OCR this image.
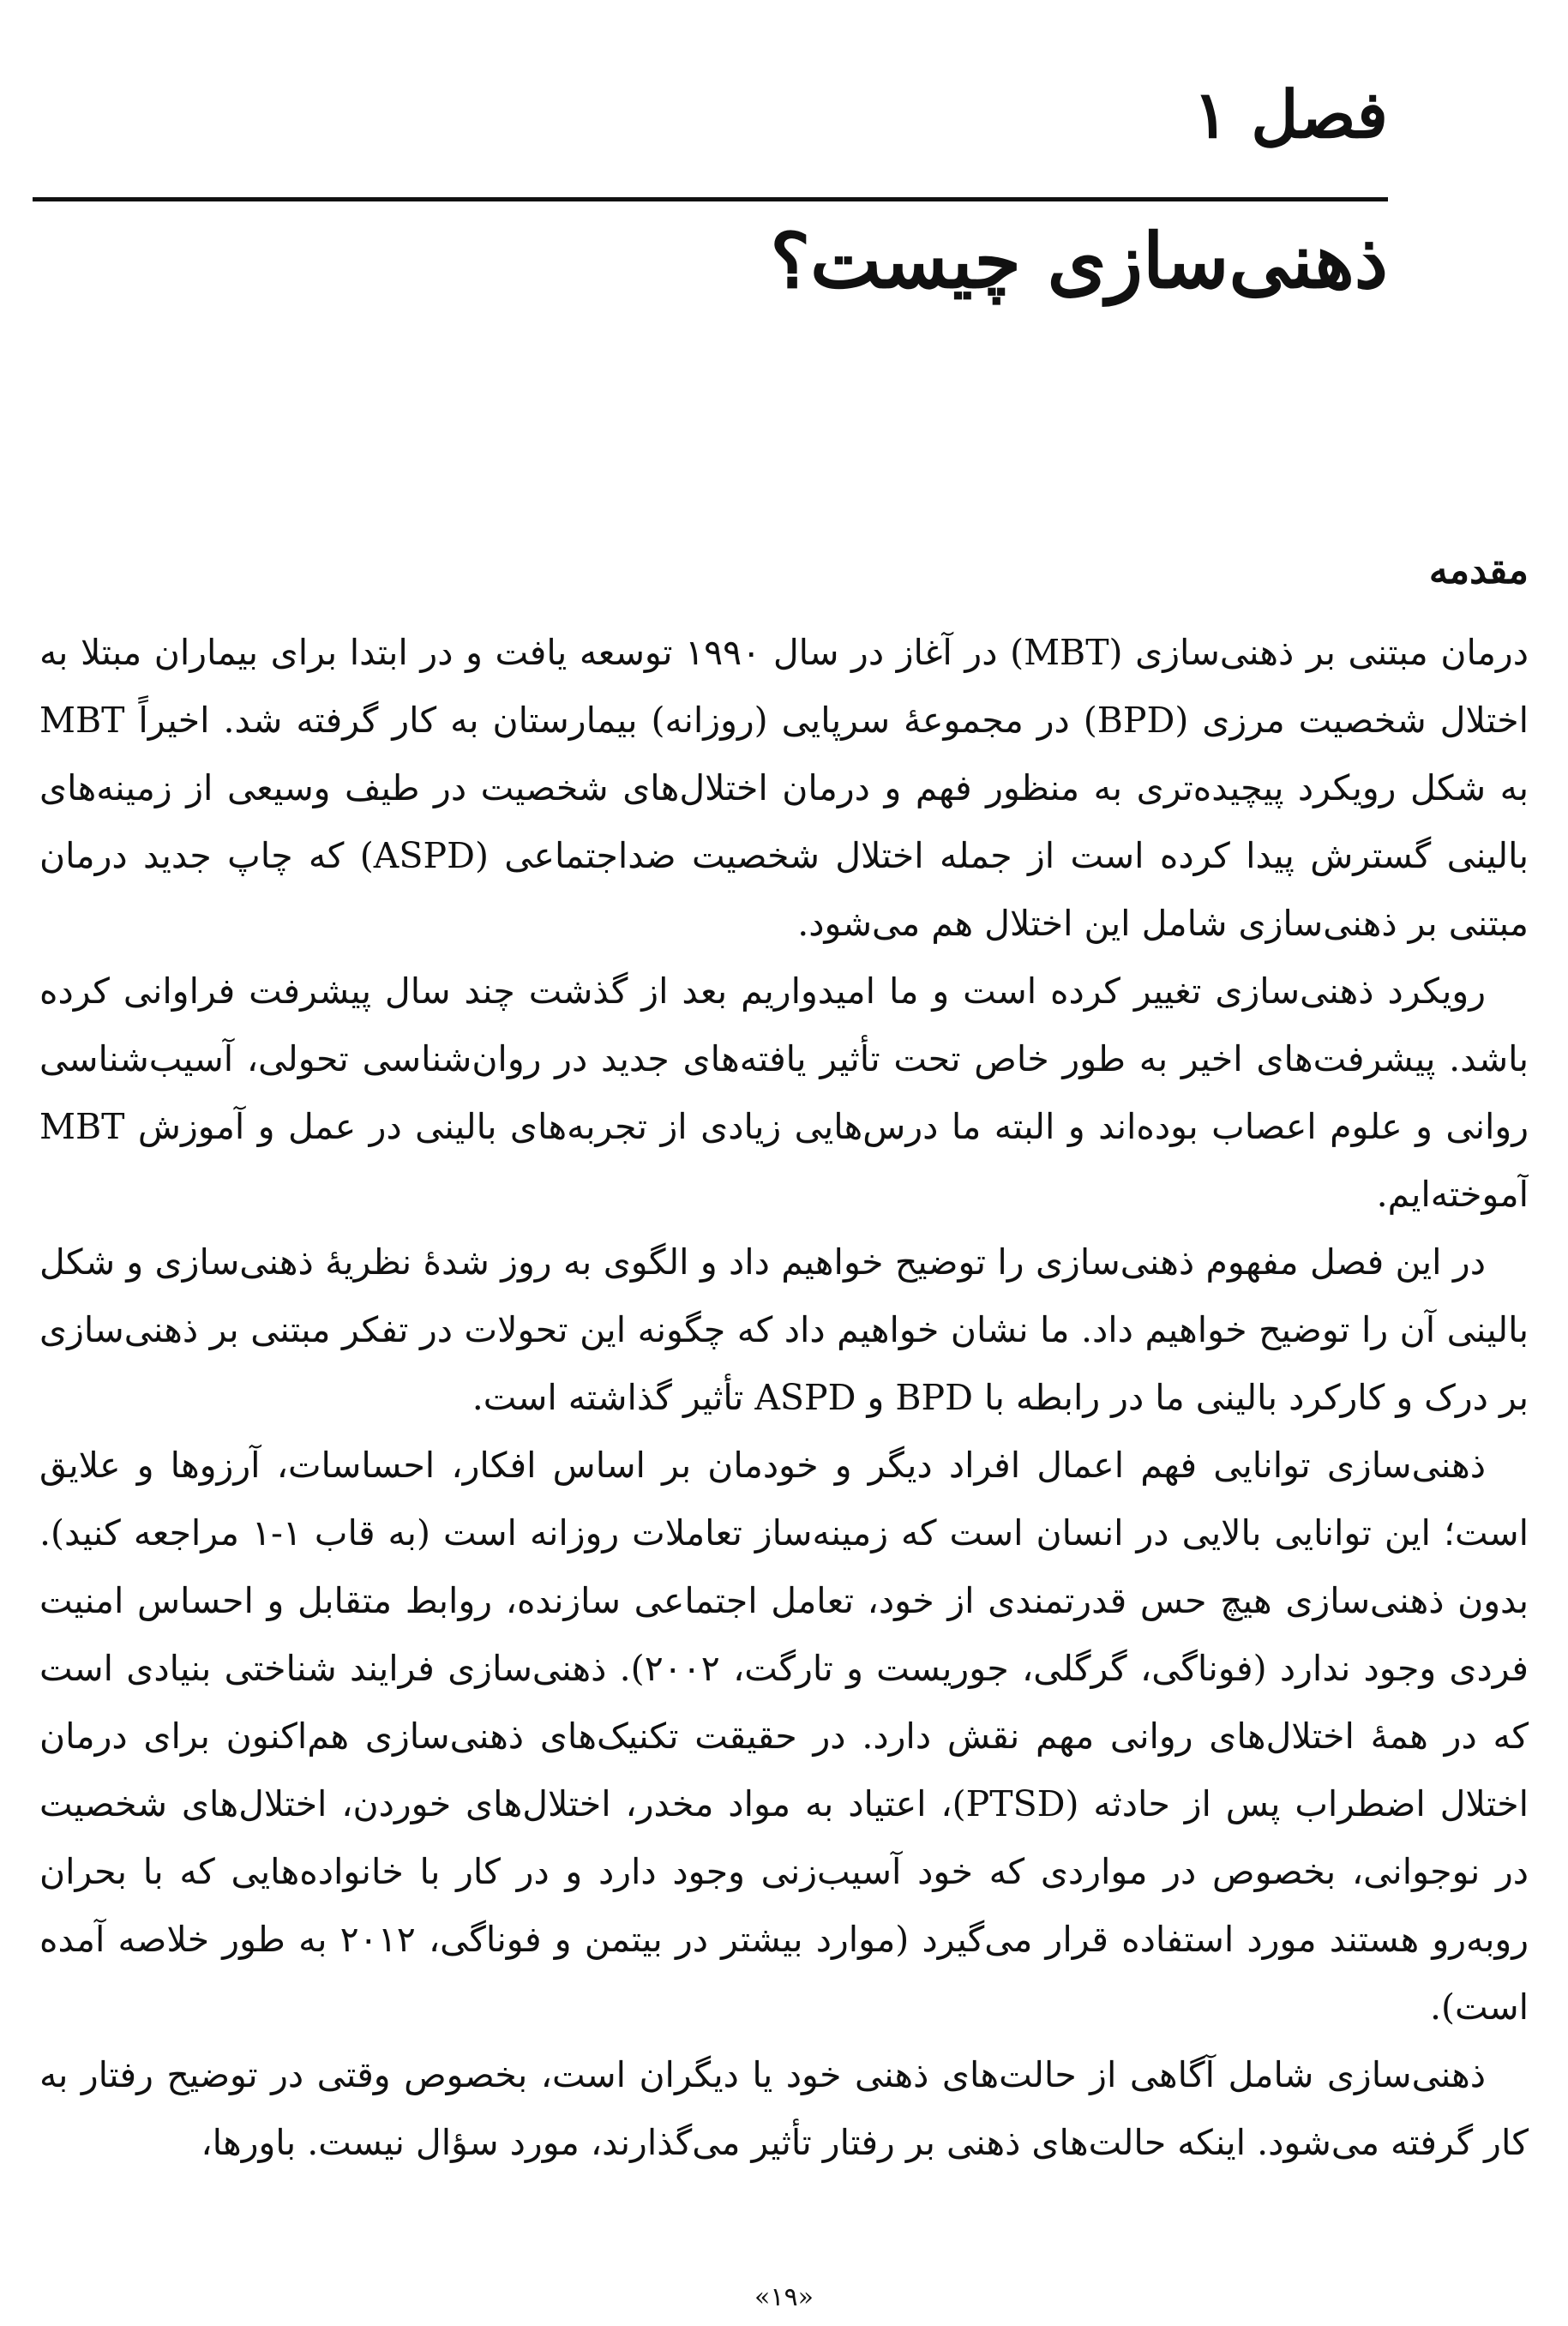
فصل ۱
ذهنی‌سازی چیست؟
مقدمه

درمان مبتنی بر ذهنی‌سازی (MBT) در آغاز در سال ۱۹۹۰ توسعه یافت و در ابتدا برای بیماران مبتلا به اختلال شخصیت مرزی (BPD) در مجموعهٔ سرپایی (روزانه) بیمارستان به کار گرفته شد. اخیراً MBT به شکل رویکرد پیچیده‌تری به منظور فهم و درمان اختلال‌های شخصیت در طیف وسیعی از زمینه‌های بالینی گسترش پیدا کرده است از جمله اختلال شخصیت ضداجتماعی (ASPD) که چاپ جدید درمان مبتنی بر ذهنی‌سازی شامل این اختلال هم می‌شود.

رویکرد ذهنی‌سازی تغییر کرده است و ما امیدواریم بعد از گذشت چند سال پیشرفت فراوانی کرده باشد. پیشرفت‌های اخیر به طور خاص تحت تأثیر یافته‌های جدید در روان‌شناسی تحولی، آسیب‌شناسی روانی و علوم اعصاب بوده‌اند و البته ما درس‌هایی زیادی از تجربه‌های بالینی در عمل و آموزش MBT آموخته‌ایم.

در این فصل مفهوم ذهنی‌سازی را توضیح خواهیم داد و الگوی به روز شدهٔ نظریهٔ ذهنی‌سازی و شکل بالینی آن را توضیح خواهیم داد. ما نشان خواهیم داد که چگونه این تحولات در تفکر مبتنی بر ذهنی‌سازی بر درک و کارکرد بالینی ما در رابطه با BPD و ASPD تأثیر گذاشته است.

ذهنی‌سازی توانایی فهم اعمال افراد دیگر و خودمان بر اساس افکار، احساسات، آرزوها و علایق است؛ این توانایی بالایی در انسان است که زمینه‌ساز تعاملات روزانه است (به قاب ۱-۱ مراجعه کنید). بدون ذهنی‌سازی هیچ حس قدرتمندی از خود، تعامل اجتماعی سازنده، روابط متقابل و احساس امنیت فردی وجود ندارد (فوناگی، گرگلی، جوریست و تارگت، ۲۰۰۲). ذهنی‌سازی فرایند شناختی بنیادی است که در همهٔ اختلال‌های روانی مهم نقش دارد. در حقیقت تکنیک‌های ذهنی‌سازی هم‌اکنون برای درمان اختلال اضطراب پس از حادثه (PTSD)، اعتیاد به مواد مخدر، اختلال‌های خوردن، اختلال‌های شخصیت در نوجوانی، بخصوص در مواردی که خود آسیب‌زنی وجود دارد و در کار با خانواده‌هایی که با بحران روبه‌رو هستند مورد استفاده قرار می‌گیرد (موارد بیشتر در بیتمن و فوناگی، ۲۰۱۲ به طور خلاصه آمده است).

ذهنی‌سازی شامل آگاهی از حالت‌های ذهنی خود یا دیگران است، بخصوص وقتی در توضیح رفتار به کار گرفته می‌شود. اینکه حالت‌های ذهنی بر رفتار تأثیر می‌گذارند، مورد سؤال نیست. باورها،

«۱۹»
